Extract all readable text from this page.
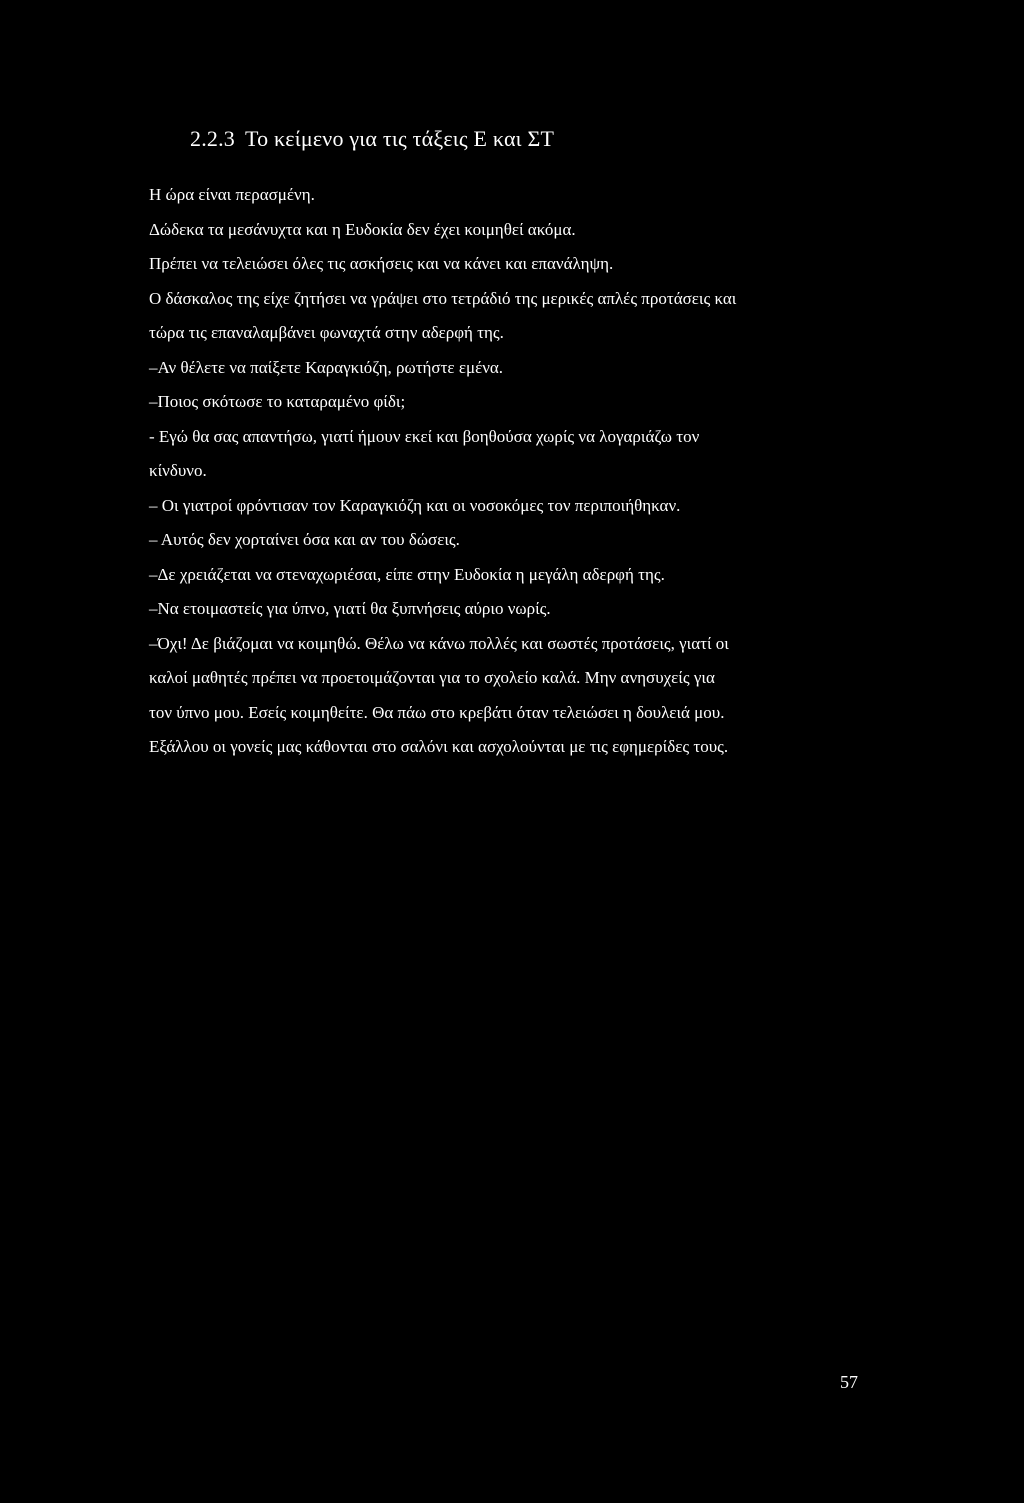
2.2.3 Το κείμενο για τις τάξεις Ε και ΣΤ
Η ώρα είναι περασμένη.
Δώδεκα τα μεσάνυχτα και η Ευδοκία δεν έχει κοιμηθεί ακόμα.
Πρέπει να τελειώσει όλες τις ασκήσεις και να κάνει και επανάληψη.
Ο δάσκαλος της είχε ζητήσει να γράψει στο τετράδιό της μερικές απλές προτάσεις και
τώρα τις επαναλαμβάνει φωναχτά στην αδερφή της.
–Αν θέλετε να παίξετε Καραγκιόζη, ρωτήστε εμένα.
–Ποιος σκότωσε το καταραμένο φίδι;
- Εγώ θα σας απαντήσω, γιατί ήμουν εκεί και βοηθούσα χωρίς να λογαριάζω τον
κίνδυνο.
– Οι γιατροί φρόντισαν τον Καραγκιόζη και οι νοσοκόμες τον περιποιήθηκαν.
– Αυτός δεν χορταίνει όσα και αν του δώσεις.
–Δε χρειάζεται να στεναχωριέσαι, είπε στην Ευδοκία η μεγάλη αδερφή της.
–Να ετοιμαστείς για ύπνο, γιατί θα ξυπνήσεις αύριο νωρίς.
–Όχι! Δε βιάζομαι να κοιμηθώ. Θέλω να κάνω πολλές και σωστές προτάσεις, γιατί οι
καλοί μαθητές πρέπει να προετοιμάζονται για το σχολείο καλά. Μην ανησυχείς για
τον ύπνο μου. Εσείς κοιμηθείτε. Θα πάω στο κρεβάτι όταν τελειώσει η δουλειά μου.
Εξάλλου οι γονείς μας κάθονται στο σαλόνι και ασχολούνται με τις εφημερίδες τους.
57
